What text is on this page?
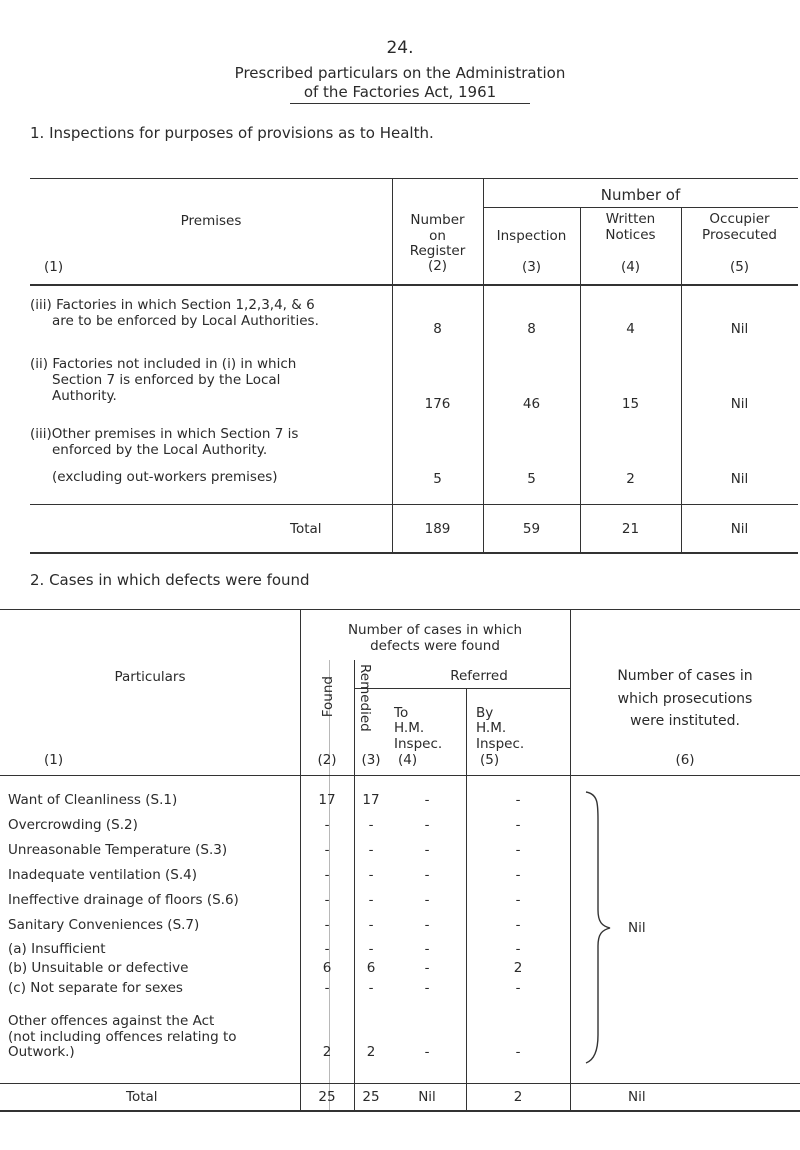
24.
Prescribed particulars on the Administration
of the Factories Act, 1961
1. Inspections for purposes of provisions as to Health.
Premises
(1)
Number
on
Register
(2)
Number of
Inspection
(3)
Written
Notices
(4)
Occupier
Prosecuted
(5)
(iii) Factories in which Section 1,2,3,4, & 6
are to be enforced by Local Authorities.	8	8	4	Nil
(ii) Factories not included in (i) in which
Section 7 is enforced by the Local
Authority.	176	46	15	Nil
(iii)Other premises in which Section 7 is
enforced by the Local Authority.
(excluding out-workers premises)	5	5	2	Nil
Total	189	59	21	Nil
2. Cases in which defects were found
Particulars
(1)
Number of cases in which
defects were found
Found
(2)
Remedied
(3)
Referred
To
H.M.
Inspec.
(4)
By
H.M.
Inspec.
(5)
Number of cases in
which prosecutions
were instituted.
(6)
Want of Cleanliness (S.1)	17	17	-	-
Overcrowding (S.2)	-	-	-	-
Unreasonable Temperature (S.3)	-	-	-	-
Inadequate ventilation (S.4)	-	-	-	-
Ineffective drainage of floors (S.6)	-	-	-	-
Sanitary Conveniences (S.7)	-	-	-	-
(a) Insufficient	-	-	-	-
(b) Unsuitable or defective	6	6	-	2
(c) Not separate for sexes	-	-	-	-
Other offences against the Act
(not including offences relating to
Outwork.)	2	2	-	-
Nil
Total	25	25	Nil	2	Nil
